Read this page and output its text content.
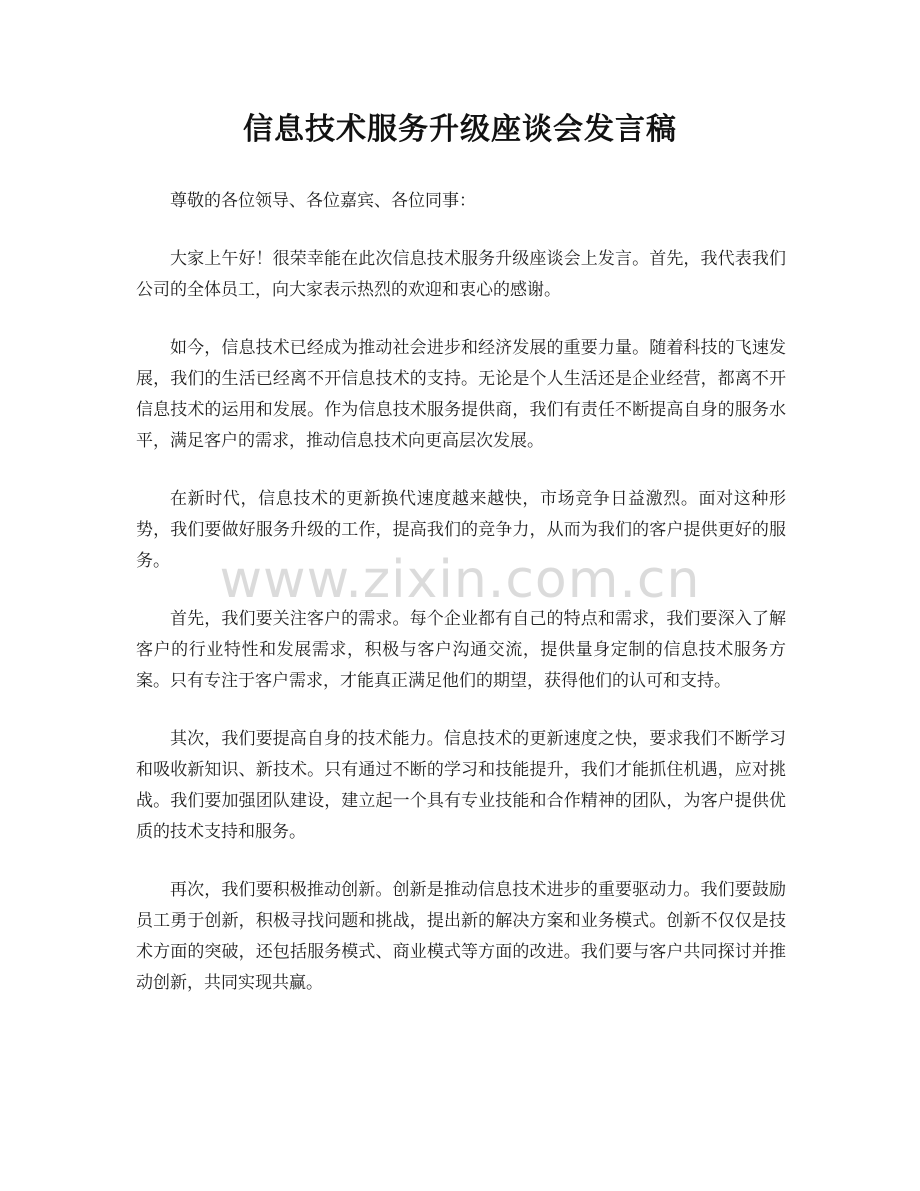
信息技术服务升级座谈会发言稿

尊敬的各位领导、各位嘉宾、各位同事：

大家上午好！很荣幸能在此次信息技术服务升级座谈会上发言。首先，我代表我们公司的全体员工，向大家表示热烈的欢迎和衷心的感谢。

如今，信息技术已经成为推动社会进步和经济发展的重要力量。随着科技的飞速发展，我们的生活已经离不开信息技术的支持。无论是个人生活还是企业经营，都离不开信息技术的运用和发展。作为信息技术服务提供商，我们有责任不断提高自身的服务水平，满足客户的需求，推动信息技术向更高层次发展。

在新时代，信息技术的更新换代速度越来越快，市场竞争日益激烈。面对这种形势，我们要做好服务升级的工作，提高我们的竞争力，从而为我们的客户提供更好的服务。

首先，我们要关注客户的需求。每个企业都有自己的特点和需求，我们要深入了解客户的行业特性和发展需求，积极与客户沟通交流，提供量身定制的信息技术服务方案。只有专注于客户需求，才能真正满足他们的期望，获得他们的认可和支持。

其次，我们要提高自身的技术能力。信息技术的更新速度之快，要求我们不断学习和吸收新知识、新技术。只有通过不断的学习和技能提升，我们才能抓住机遇，应对挑战。我们要加强团队建设，建立起一个具有专业技能和合作精神的团队，为客户提供优质的技术支持和服务。

再次，我们要积极推动创新。创新是推动信息技术进步的重要驱动力。我们要鼓励员工勇于创新，积极寻找问题和挑战，提出新的解决方案和业务模式。创新不仅仅是技术方面的突破，还包括服务模式、商业模式等方面的改进。我们要与客户共同探讨并推动创新，共同实现共赢。

www.zixin.com.cn
